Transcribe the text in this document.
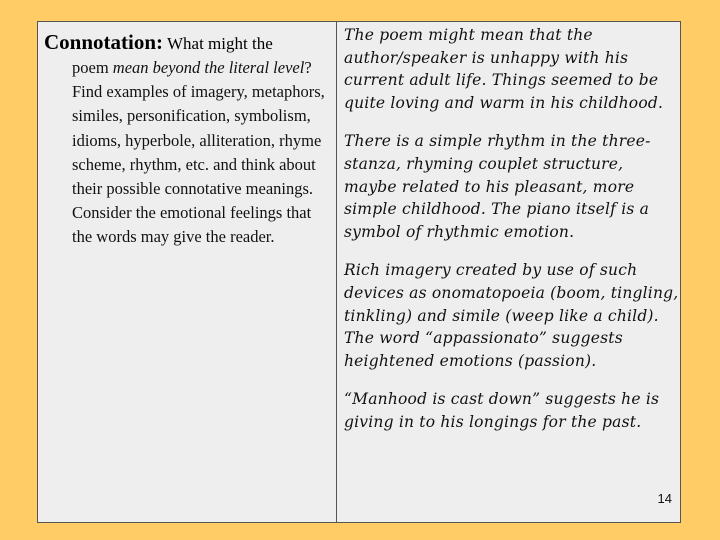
Connotation: What might the
poem mean beyond the literal level? Find examples of imagery, metaphors, similes, personification, symbolism, idioms, hyperbole, alliteration, rhyme scheme, rhythm, etc. and think about their possible connotative meanings. Consider the emotional feelings that the words may give the reader.

The poem might mean that the author/speaker is unhappy with his current adult life. Things seemed to be quite loving and warm in his childhood.

There is a simple rhythm in the three-stanza, rhyming couplet structure, maybe related to his pleasant, more simple childhood. The piano itself is a symbol of rhythmic emotion.

Rich imagery created by use of such devices as onomatopoeia (boom, tingling, tinkling) and simile (weep like a child). The word “appassionato” suggests heightened emotions (passion).

“Manhood is cast down” suggests he is giving in to his longings for the past.

14
